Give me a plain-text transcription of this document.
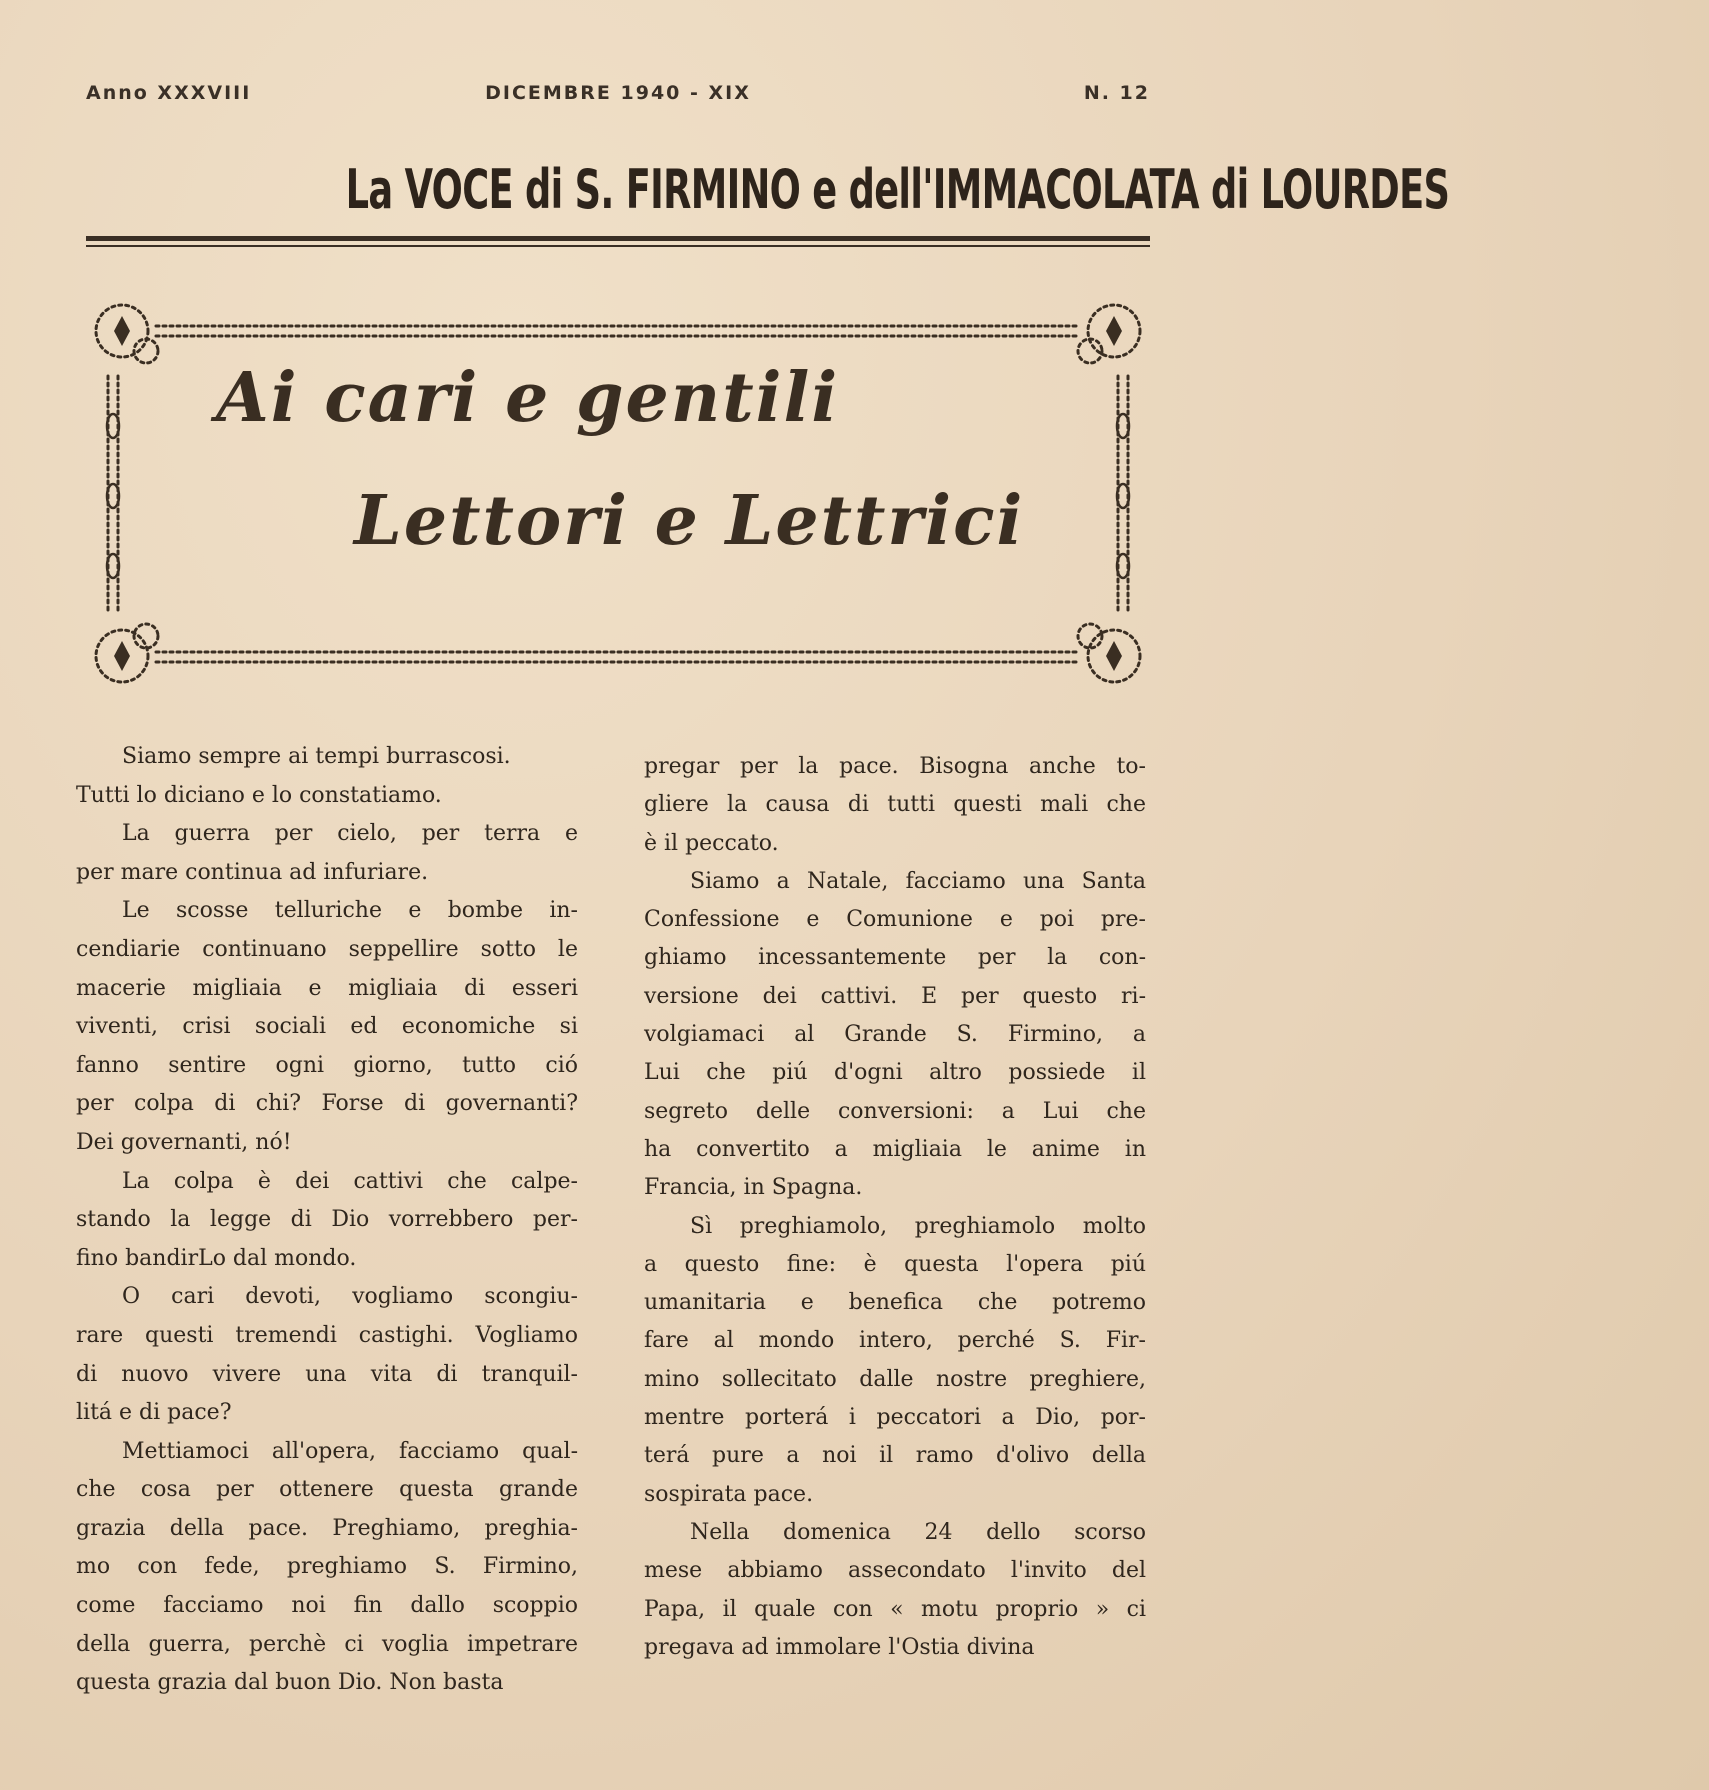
Anno XXXVIII	DICEMBRE 1940 - XIX	N. 12
La VOCE di S. FIRMINO e dell'IMMACOLATA di LOURDES
Ai cari e gentili
Lettori e Lettrici
Siamo sempre ai tempi burrascosi.
Tutti lo diciano e lo constatiamo.
La guerra per cielo, per terra e
per mare continua ad infuriare.
Le scosse telluriche e bombe in-
cendiarie continuano seppellire sotto le
macerie migliaia e migliaia di esseri
viventi, crisi sociali ed economiche si
fanno sentire ogni giorno, tutto ció
per colpa di chi? Forse di governanti?
Dei governanti, nó!
La colpa è dei cattivi che calpe-
stando la legge di Dio vorrebbero per-
fino bandirLo dal mondo.
O cari devoti, vogliamo scongiu-
rare questi tremendi castighi. Vogliamo
di nuovo vivere una vita di tranquil-
litá e di pace?
Mettiamoci all'opera, facciamo qual-
che cosa per ottenere questa grande
grazia della pace. Preghiamo, preghia-
mo con fede, preghiamo S. Firmino,
come facciamo noi fin dallo scoppio
della guerra, perchè ci voglia impetrare
questa grazia dal buon Dio. Non basta
pregar per la pace. Bisogna anche to-
gliere la causa di tutti questi mali che
è il peccato.
Siamo a Natale, facciamo una Santa
Confessione e Comunione e poi pre-
ghiamo incessantemente per la con-
versione dei cattivi. E per questo ri-
volgiamaci al Grande S. Firmino, a
Lui che piú d'ogni altro possiede il
segreto delle conversioni: a Lui che
ha convertito a migliaia le anime in
Francia, in Spagna.
Sì preghiamolo, preghiamolo molto
a questo fine: è questa l'opera piú
umanitaria e benefica che potremo
fare al mondo intero, perché S. Fir-
mino sollecitato dalle nostre preghiere,
mentre porterá i peccatori a Dio, por-
terá pure a noi il ramo d'olivo della
sospirata pace.
Nella domenica 24 dello scorso
mese abbiamo assecondato l'invito del
Papa, il quale con « motu proprio » ci
pregava ad immolare l'Ostia divina
